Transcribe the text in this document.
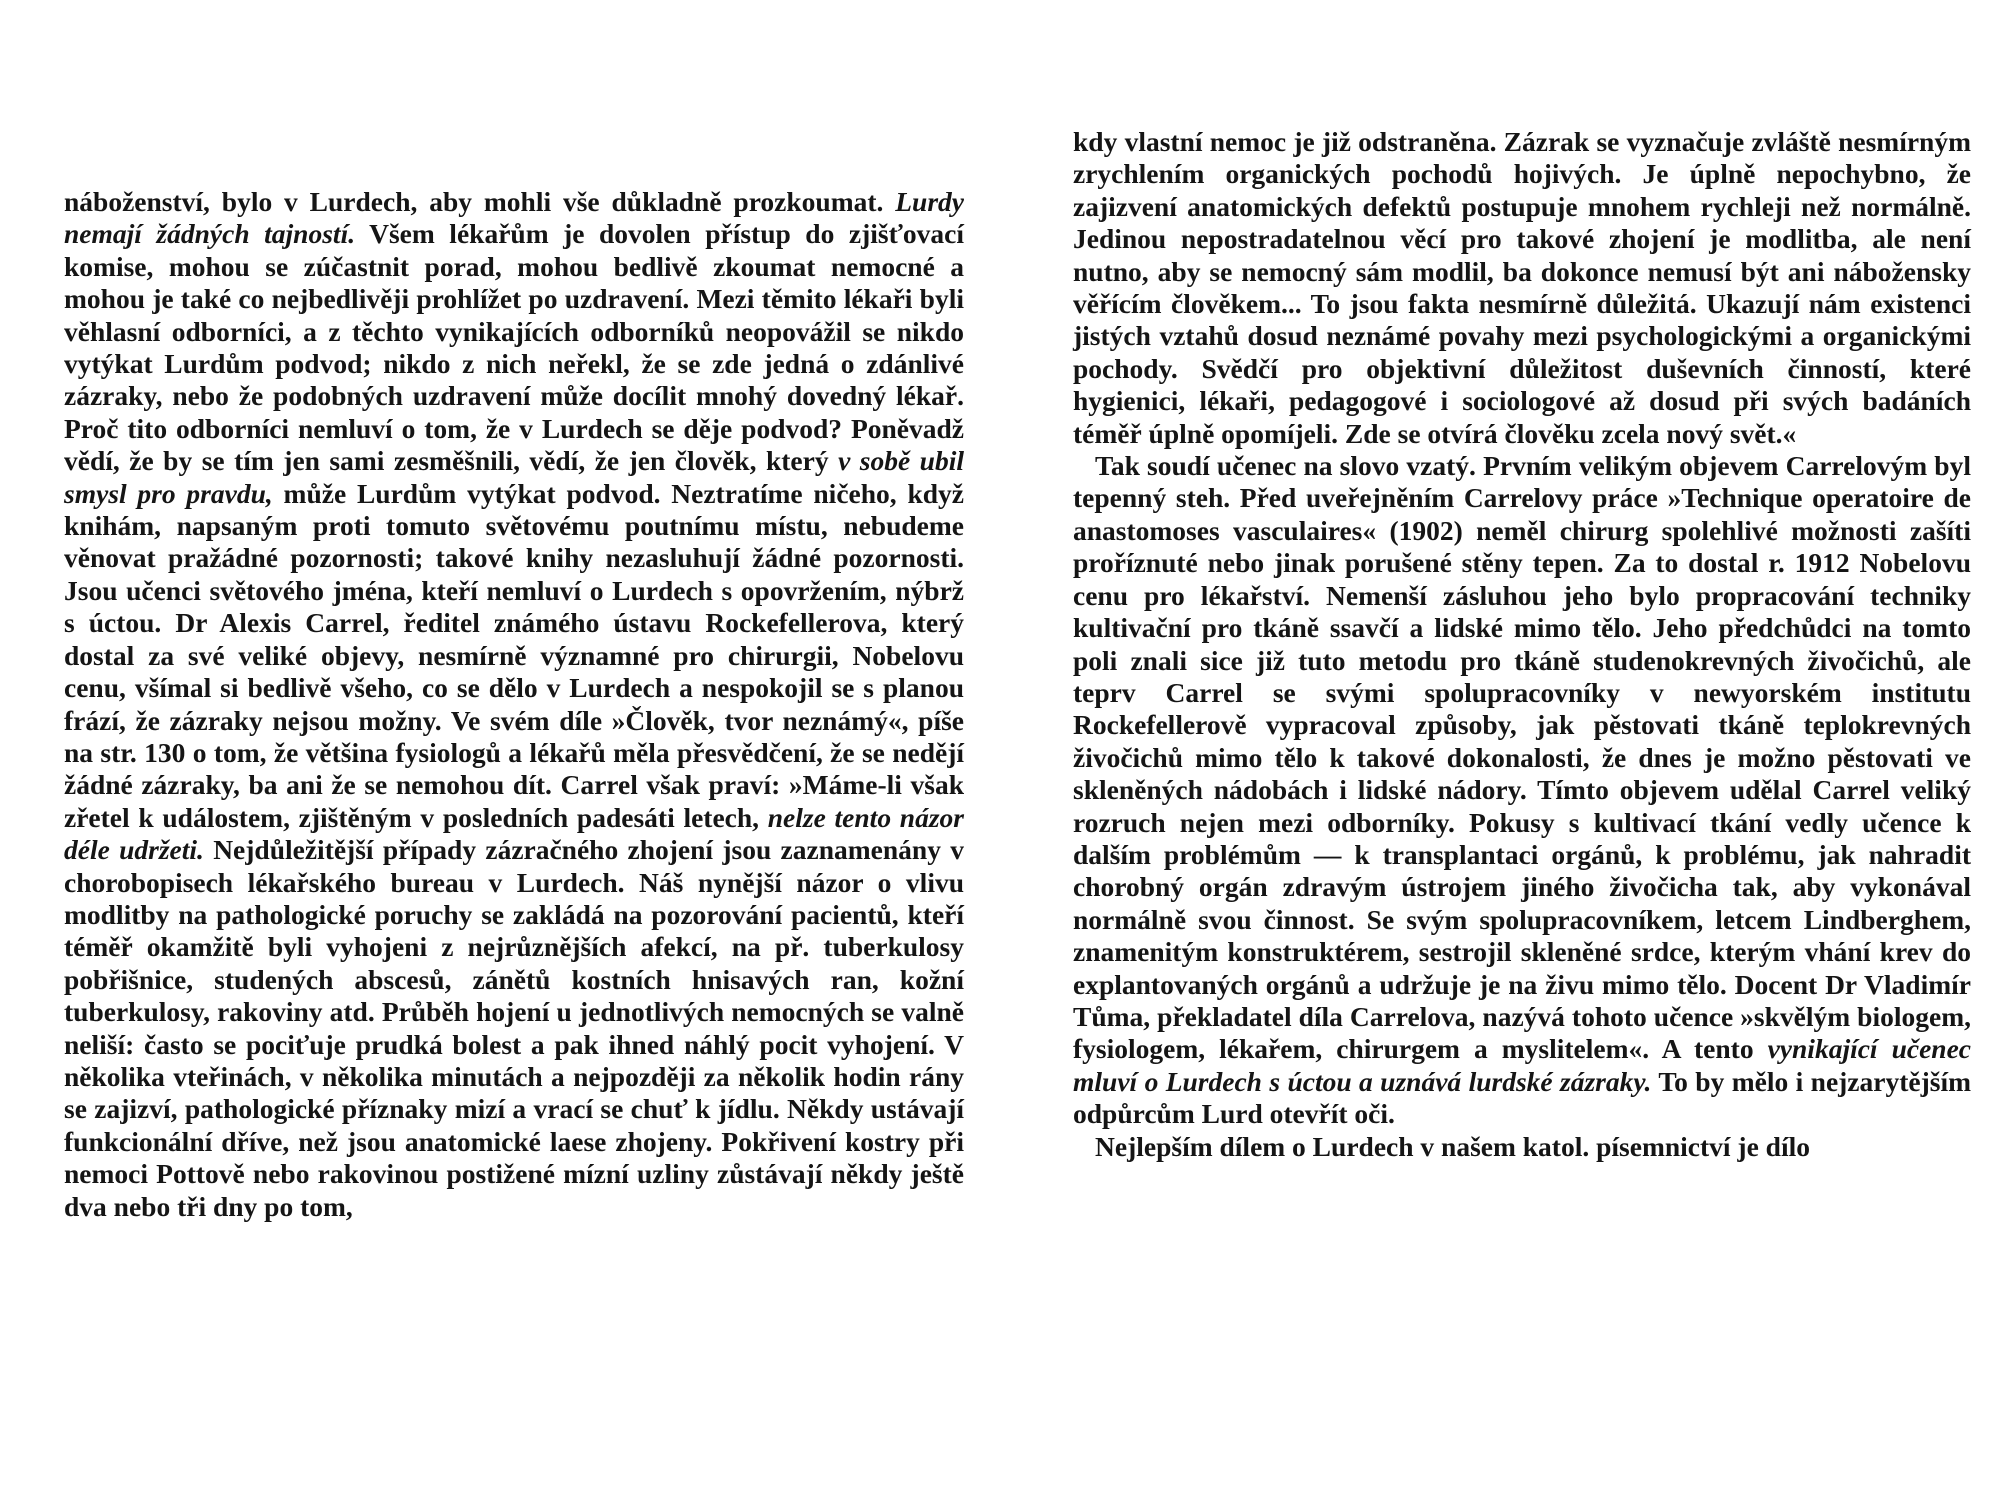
náboženství, bylo v Lurdech, aby mohli vše důkladně prozkoumat. Lurdy nemají žádných tajností. Všem lékařům je dovolen přístup do zjišťovací komise, mohou se zúčastnit porad, mohou bedlivě zkoumat nemocné a mohou je také co nejbedlivěji prohlížet po uzdravení. Mezi těmito lékaři byli věhlasní odborníci, a z těchto vynikajících odborníků neopovážil se nikdo vytýkat Lurdům podvod; nikdo z nich neřekl, že se zde jedná o zdánlivé zázraky, nebo že podobných uzdravení může docílit mnohý dovedný lékař. Proč tito odborníci nemluví o tom, že v Lurdech se děje podvod? Poněvadž vědí, že by se tím jen sami zesměšnili, vědí, že jen člověk, který v sobě ubil smysl pro pravdu, může Lurdům vytýkat podvod. Neztratíme ničeho, když knihám, napsaným proti tomuto světovému poutnímu místu, nebudeme věnovat pražádné pozornosti; takové knihy nezasluhují žádné pozornosti. Jsou učenci světového jména, kteří nemluví o Lurdech s opovržením, nýbrž s úctou. Dr Alexis Carrel, ředitel známého ústavu Rockefellerova, který dostal za své veliké objevy, nesmírně významné pro chirurgii, Nobelovu cenu, všímal si bedlivě všeho, co se dělo v Lurdech a nespokojil se s planou frází, že zázraky nejsou možny. Ve svém díle »Člověk, tvor neznámý«, píše na str. 130 o tom, že většina fysiologů a lékařů měla přesvědčení, že se nedějí žádné zázraky, ba ani že se nemohou dít. Carrel však praví: »Máme-li však zřetel k událostem, zjištěným v posledních padesáti letech, nelze tento názor déle udržeti. Nejdůležitější případy zázračného zhojení jsou zaznamenány v chorobopisech lékařského bureau v Lurdech. Náš nynější názor o vlivu modlitby na pathologické poruchy se zakládá na pozorování pacientů, kteří téměř okamžitě byli vyhojeni z nejrůznějších afekcí, na př. tuberkulosy pobřišnice, studených abscesů, zánětů kostních hnisavých ran, kožní tuberkulosy, rakoviny atd. Průběh hojení u jednotlivých nemocných se valně neliší: často se pociťuje prudká bolest a pak ihned náhlý pocit vyhojení. V několika vteřinách, v několika minutách a nejpozději za několik hodin rány se zajizví, pathologické příznaky mizí a vrací se chuť k jídlu. Někdy ustávají funkcionální dříve, než jsou anatomické laese zhojeny. Pokřivení kostry při nemoci Pottově nebo rakovinou postižené mízní uzliny zůstávají někdy ještě dva nebo tři dny po tom,

kdy vlastní nemoc je již odstraněna. Zázrak se vyznačuje zvláště nesmírným zrychlením organických pochodů hojivých. Je úplně nepochybno, že zajizvení anatomických defektů postupuje mnohem rychleji než normálně. Jedinou nepostradatelnou věcí pro takové zhojení je modlitba, ale není nutno, aby se nemocný sám modlil, ba dokonce nemusí být ani nábožensky věřícím člověkem... To jsou fakta nesmírně důležitá. Ukazují nám existenci jistých vztahů dosud neznámé povahy mezi psychologickými a organickými pochody. Svědčí pro objektivní důležitost duševních činností, které hygienici, lékaři, pedagogové i sociologové až dosud při svých badáních téměř úplně opomíjeli. Zde se otvírá člověku zcela nový svět.«

Tak soudí učenec na slovo vzatý. Prvním velikým objevem Carrelovým byl tepenný steh. Před uveřejněním Carrelovy práce »Technique operatoire de anastomoses vasculaires« (1902) neměl chirurg spolehlivé možnosti zašíti proříznuté nebo jinak porušené stěny tepen. Za to dostal r. 1912 Nobelovu cenu pro lékařství. Nemenší zásluhou jeho bylo propracování techniky kultivační pro tkáně ssavčí a lidské mimo tělo. Jeho předchůdci na tomto poli znali sice již tuto metodu pro tkáně studenokrevných živočichů, ale teprv Carrel se svými spolupracovníky v newyorském institutu Rockefellerově vypracoval způsoby, jak pěstovati tkáně teplokrevných živočichů mimo tělo k takové dokonalosti, že dnes je možno pěstovati ve skleněných nádobách i lidské nádory. Tímto objevem udělal Carrel veliký rozruch nejen mezi odborníky. Pokusy s kultivací tkání vedly učence k dalším problémům — k transplantaci orgánů, k problému, jak nahradit chorobný orgán zdravým ústrojem jiného živočicha tak, aby vykonával normálně svou činnost. Se svým spolupracovníkem, letcem Lindberghem, znamenitým konstruktérem, sestrojil skleněné srdce, kterým vhání krev do explantovaných orgánů a udržuje je na živu mimo tělo. Docent Dr Vladimír Tůma, překladatel díla Carrelova, nazývá tohoto učence »skvělým biologem, fysiologem, lékařem, chirurgem a myslitelem«. A tento vynikající učenec mluví o Lurdech s úctou a uznává lurdské zázraky. To by mělo i nejzarytějším odpůrcům Lurd otevřít oči.

Nejlepším dílem o Lurdech v našem katol. písemnictví je dílo
